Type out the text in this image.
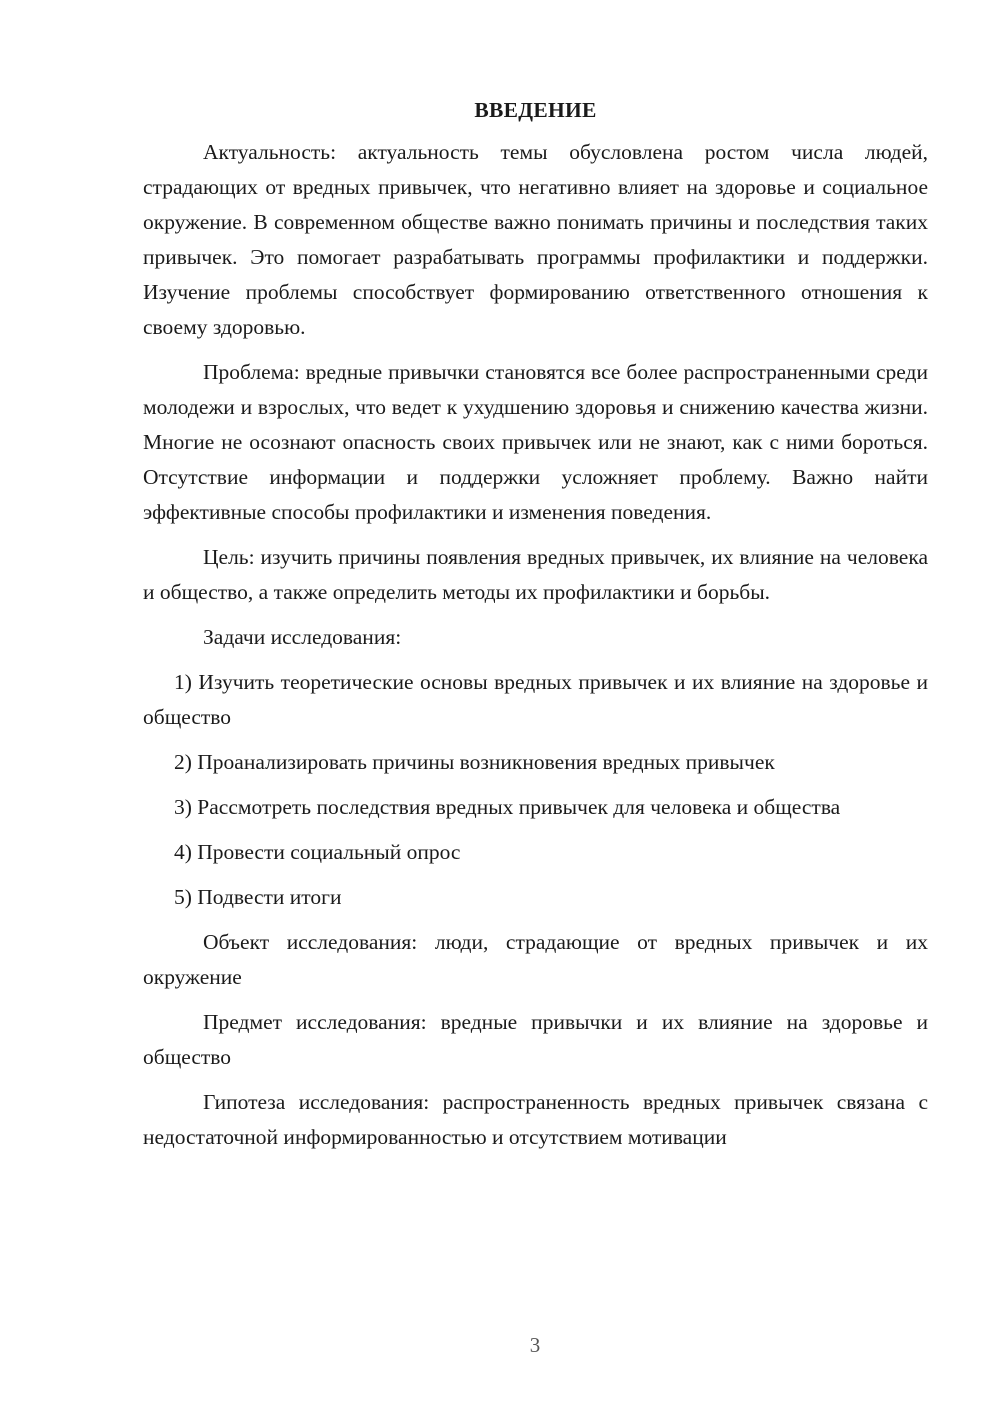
ВВЕДЕНИЕ

Актуальность: актуальность темы обусловлена ростом числа людей, страдающих от вредных привычек, что негативно влияет на здоровье и социальное окружение. В современном обществе важно понимать причины и последствия таких привычек. Это помогает разрабатывать программы профилактики и поддержки. Изучение проблемы способствует формированию ответственного отношения к своему здоровью.

Проблема: вредные привычки становятся все более распространенными среди молодежи и взрослых, что ведет к ухудшению здоровья и снижению качества жизни. Многие не осознают опасность своих привычек или не знают, как с ними бороться. Отсутствие информации и поддержки усложняет проблему. Важно найти эффективные способы профилактики и изменения поведения.

Цель: изучить причины появления вредных привычек, их влияние на человека и общество, а также определить методы их профилактики и борьбы.

Задачи исследования:

1) Изучить теоретические основы вредных привычек и их влияние на здоровье и общество

2) Проанализировать причины возникновения вредных привычек

3) Рассмотреть последствия вредных привычек для человека и общества

4) Провести социальный опрос

5) Подвести итоги

Объект исследования: люди, страдающие от вредных привычек и их окружение

Предмет исследования: вредные привычки и их влияние на здоровье и общество

Гипотеза исследования: распространенность вредных привычек связана с недостаточной информированностью и отсутствием мотивации

3
